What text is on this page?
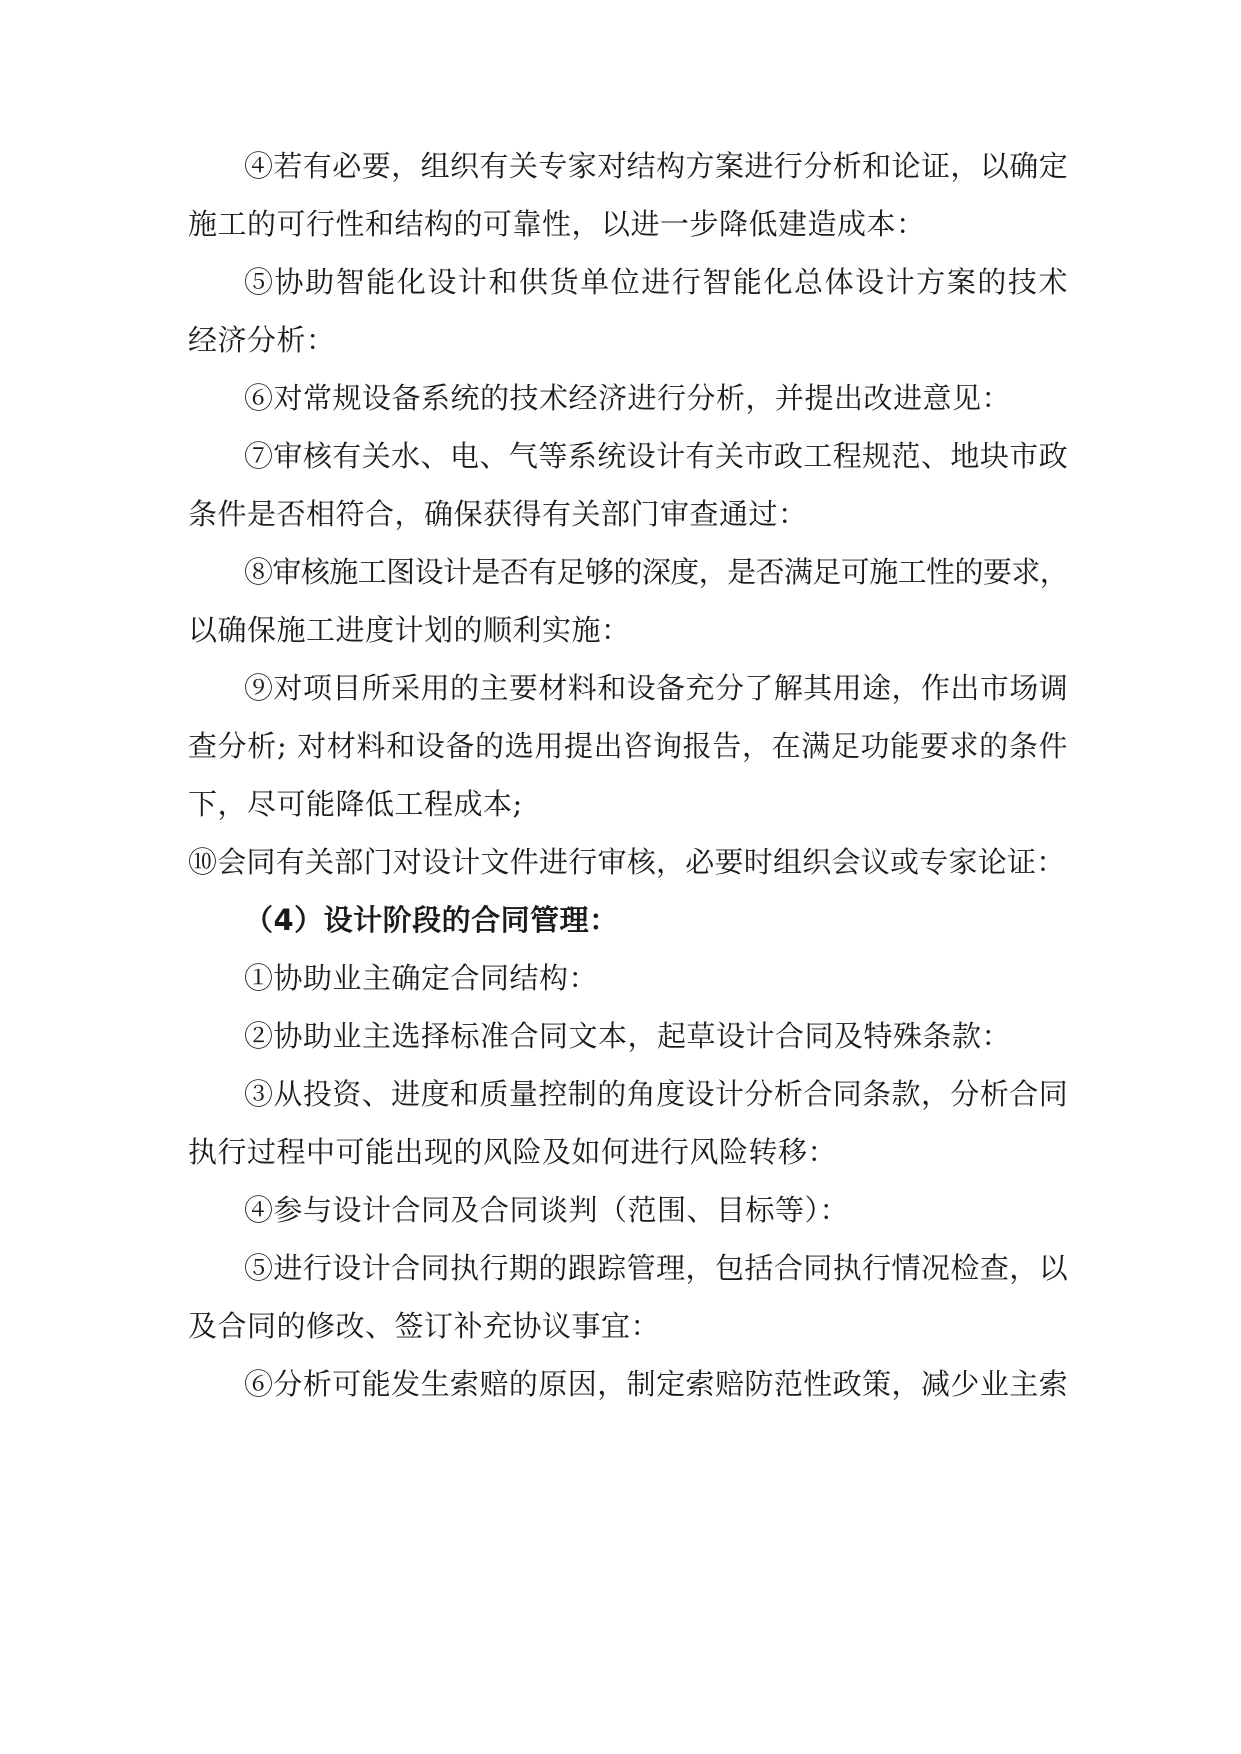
④若有必要，组织有关专家对结构方案进行分析和论证，以确定
施工的可行性和结构的可靠性，以进一步降低建造成本：
⑤协助智能化设计和供货单位进行智能化总体设计方案的技术
经济分析：
⑥对常规设备系统的技术经济进行分析，并提出改进意见：
⑦审核有关水、电、气等系统设计有关市政工程规范、地块市政
条件是否相符合，确保获得有关部门审查通过：
⑧审核施工图设计是否有足够的深度，是否满足可施工性的要求，
以确保施工进度计划的顺利实施：
⑨对项目所采用的主要材料和设备充分了解其用途，作出市场调
查分析; 对材料和设备的选用提出咨询报告，在满足功能要求的条件
下，尽可能降低工程成本;
⑩会同有关部门对设计文件进行审核，必要时组织会议或专家论证：
（4）设计阶段的合同管理：
①协助业主确定合同结构：
②协助业主选择标准合同文本，起草设计合同及特殊条款：
③从投资、进度和质量控制的角度设计分析合同条款，分析合同
执行过程中可能出现的风险及如何进行风险转移：
④参与设计合同及合同谈判（范围、目标等）：
⑤进行设计合同执行期的跟踪管理，包括合同执行情况检查，以
及合同的修改、签订补充协议事宜：
⑥分析可能发生索赔的原因，制定索赔防范性政策，减少业主索
